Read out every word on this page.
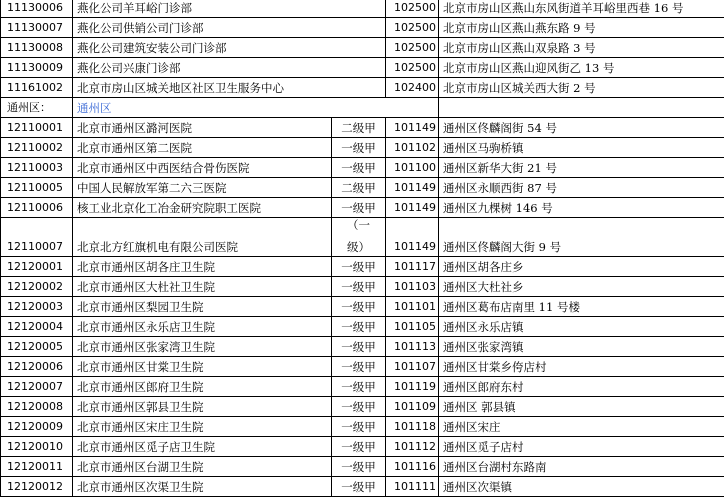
11130006	燕化公司羊耳峪门诊部		102500	北京市房山区燕山东风街道羊耳峪里西巷 16 号
11130007	燕化公司供销公司门诊部		102500	北京市房山区燕山燕东路 9 号
11130008	燕化公司建筑安装公司门诊部		102500	北京市房山区燕山双泉路 3 号
11130009	燕化公司兴康门诊部		102500	北京市房山区燕山迎风街乙 13 号
11161002	北京市房山区城关地区社区卫生服务中心		102400	北京市房山区城关西大街 2 号
通州区：	通州区			
12110001	北京市通州区潞河医院	二级甲	101149	通州区佟麟阁街 54 号
12110002	北京市通州区第二医院	一级甲	101102	通州区马驹桥镇
12110003	北京市通州区中西医结合骨伤医院	一级甲	101100	通州区新华大街 21 号
12110005	中国人民解放军第二六三医院	二级甲	101149	通州区永顺西街 87 号
12110006	核工业北京化工冶金研究院职工医院	一级甲	101149	通州区九棵树 146 号
12110007	北京北方红旗机电有限公司医院	（一
级）	101149	通州区佟麟阁大街 9 号
12120001	北京市通州区胡各庄卫生院	一级甲	101117	通州区胡各庄乡
12120002	北京市通州区大杜社卫生院	一级甲	101103	通州区大杜社乡
12120003	北京市通州区梨园卫生院	一级甲	101101	通州区葛布店南里 11 号楼
12120004	北京市通州区永乐店卫生院	一级甲	101105	通州区永乐店镇
12120005	北京市通州区张家湾卫生院	一级甲	101113	通州区张家湾镇
12120006	北京市通州区甘棠卫生院	一级甲	101107	通州区甘棠乡侉店村
12120007	北京市通州区郎府卫生院	一级甲	101119	通州区郎府东村
12120008	北京市通州区郭县卫生院	一级甲	101109	通州区 郭县镇
12120009	北京市通州区宋庄卫生院	一级甲	101118	通州区宋庄
12120010	北京市通州区觅子店卫生院	一级甲	101112	通州区觅子店村
12120011	北京市通州区台湖卫生院	一级甲	101116	通州区台湖村东路南
12120012	北京市通州区次渠卫生院	一级甲	101111	通州区次渠镇
